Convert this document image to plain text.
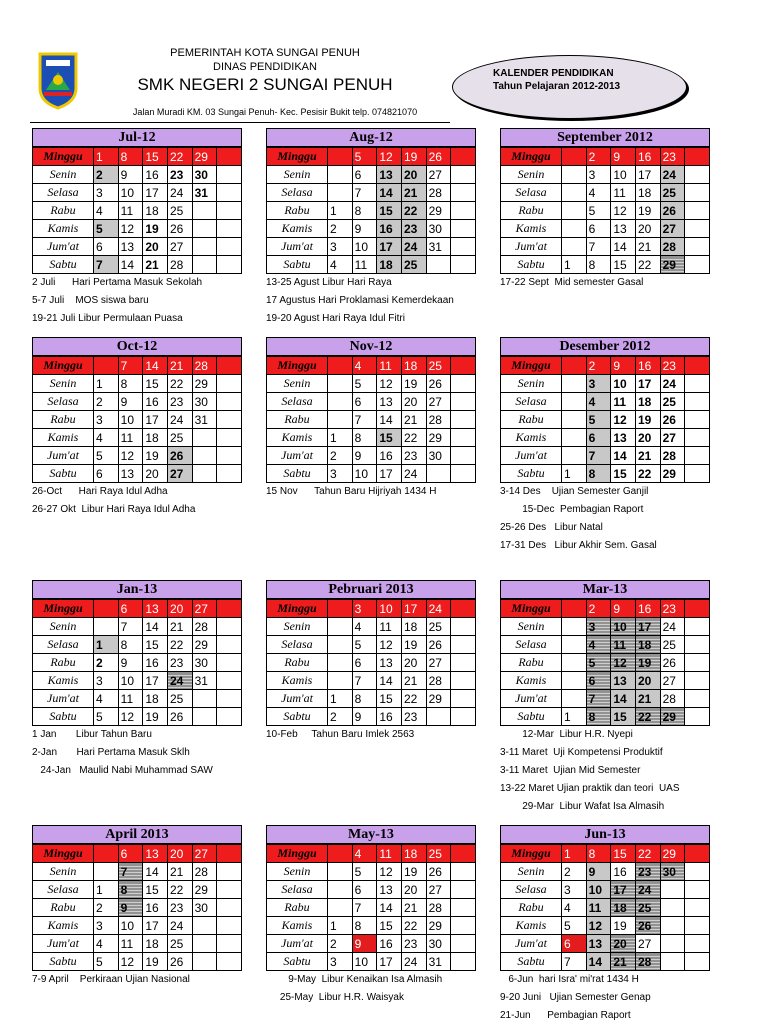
PEMERINTAH KOTA SUNGAI PENUH
DINAS PENDIDIKAN
SMK NEGERI 2 SUNGAI PENUH
Jalan Muradi KM. 03 Sungai Penuh- Kec. Pesisir Bukit telp. 074821070
KALENDER PENDIDIKAN
Tahun Pelajaran 2012-2013
Jul-12
Minggu	1	8	15	22	29	
Senin	2	9	16	23	30	
Selasa	3	10	17	24	31	
Rabu	4	11	18	25		
Kamis	5	12	19	26		
Jum'at	6	13	20	27		
Sabtu	7	14	21	28		
2 Juli      Hari Pertama Masuk Sekolah
5-7 Juli    MOS siswa baru
19-21 Juli Libur Permulaan Puasa
Aug-12
Minggu		5	12	19	26	
Senin		6	13	20	27	
Selasa		7	14	21	28	
Rabu	1	8	15	22	29	
Kamis	2	9	16	23	30	
Jum'at	3	10	17	24	31	
Sabtu	4	11	18	25		
13-25 Agust Libur Hari Raya
17 Agustus Hari Proklamasi Kemerdekaan
19-20 Agust Hari Raya Idul Fitri
September 2012
Minggu		2	9	16	23	
Senin		3	10	17	24	
Selasa		4	11	18	25	
Rabu		5	12	19	26	
Kamis		6	13	20	27	
Jum'at		7	14	21	28	
Sabtu	1	8	15	22	29	
17-22 Sept  Mid semester Gasal
Oct-12
Minggu		7	14	21	28	
Senin	1	8	15	22	29	
Selasa	2	9	16	23	30	
Rabu	3	10	17	24	31	
Kamis	4	11	18	25		
Jum'at	5	12	19	26		
Sabtu	6	13	20	27		
26-Oct      Hari Raya Idul Adha
26-27 Okt  Libur Hari Raya Idul Adha
Nov-12
Minggu		4	11	18	25	
Senin		5	12	19	26	
Selasa		6	13	20	27	
Rabu		7	14	21	28	
Kamis	1	8	15	22	29	
Jum'at	2	9	16	23	30	
Sabtu	3	10	17	24		
15 Nov      Tahun Baru Hijriyah 1434 H
Desember 2012
Minggu		2	9	16	23	
Senin		3	10	17	24	
Selasa		4	11	18	25	
Rabu		5	12	19	26	
Kamis		6	13	20	27	
Jum'at		7	14	21	28	
Sabtu	1	8	15	22	29	
3-14 Des    Ujian Semester Ganjil
15-Dec  Pembagian Raport
25-26 Des   Libur Natal
17-31 Des   Libur Akhir Sem. Gasal
Jan-13
Minggu		6	13	20	27	
Senin		7	14	21	28	
Selasa	1	8	15	22	29	
Rabu	2	9	16	23	30	
Kamis	3	10	17	24	31	
Jum'at	4	11	18	25		
Sabtu	5	12	19	26		
1 Jan       Libur Tahun Baru
2-Jan       Hari Pertama Masuk Sklh
24-Jan   Maulid Nabi Muhammad SAW
Pebruari 2013
Minggu		3	10	17	24	
Senin		4	11	18	25	
Selasa		5	12	19	26	
Rabu		6	13	20	27	
Kamis		7	14	21	28	
Jum'at	1	8	15	22	29	
Sabtu	2	9	16	23		
10-Feb     Tahun Baru Imlek 2563
Mar-13
Minggu		2	9	16	23	
Senin		3	10	17	24	
Selasa		4	11	18	25	
Rabu		5	12	19	26	
Kamis		6	13	20	27	
Jum'at		7	14	21	28	
Sabtu	1	8	15	22	29	
12-Mar  Libur H.R. Nyepi
3-11 Maret  Uji Kompetensi Produktif
3-11 Maret  Ujian Mid Semester
13-22 Maret Ujian praktik dan teori  UAS
29-Mar  Libur Wafat Isa Almasih
April 2013
Minggu		6	13	20	27	
Senin		7	14	21	28	
Selasa	1	8	15	22	29	
Rabu	2	9	16	23	30	
Kamis	3	10	17	24		
Jum'at	4	11	18	25		
Sabtu	5	12	19	26		
7-9 April    Perkiraan Ujian Nasional
May-13
Minggu		4	11	18	25	
Senin		5	12	19	26	
Selasa		6	13	20	27	
Rabu		7	14	21	28	
Kamis	1	8	15	22	29	
Jum'at	2	9	16	23	30	
Sabtu	3	10	17	24	31	
9-May  Libur Kenaikan Isa Almasih
25-May  Libur H.R. Waisyak
Jun-13
Minggu	1	8	15	22	29	
Senin	2	9	16	23	30	
Selasa	3	10	17	24		
Rabu	4	11	18	25		
Kamis	5	12	19	26		
Jum'at	6	13	20	27		
Sabtu	7	14	21	28		
6-Jun  hari Isra' mi'rat 1434 H
9-20 Juni   Ujian Semester Genap
21-Jun      Pembagian Raport
